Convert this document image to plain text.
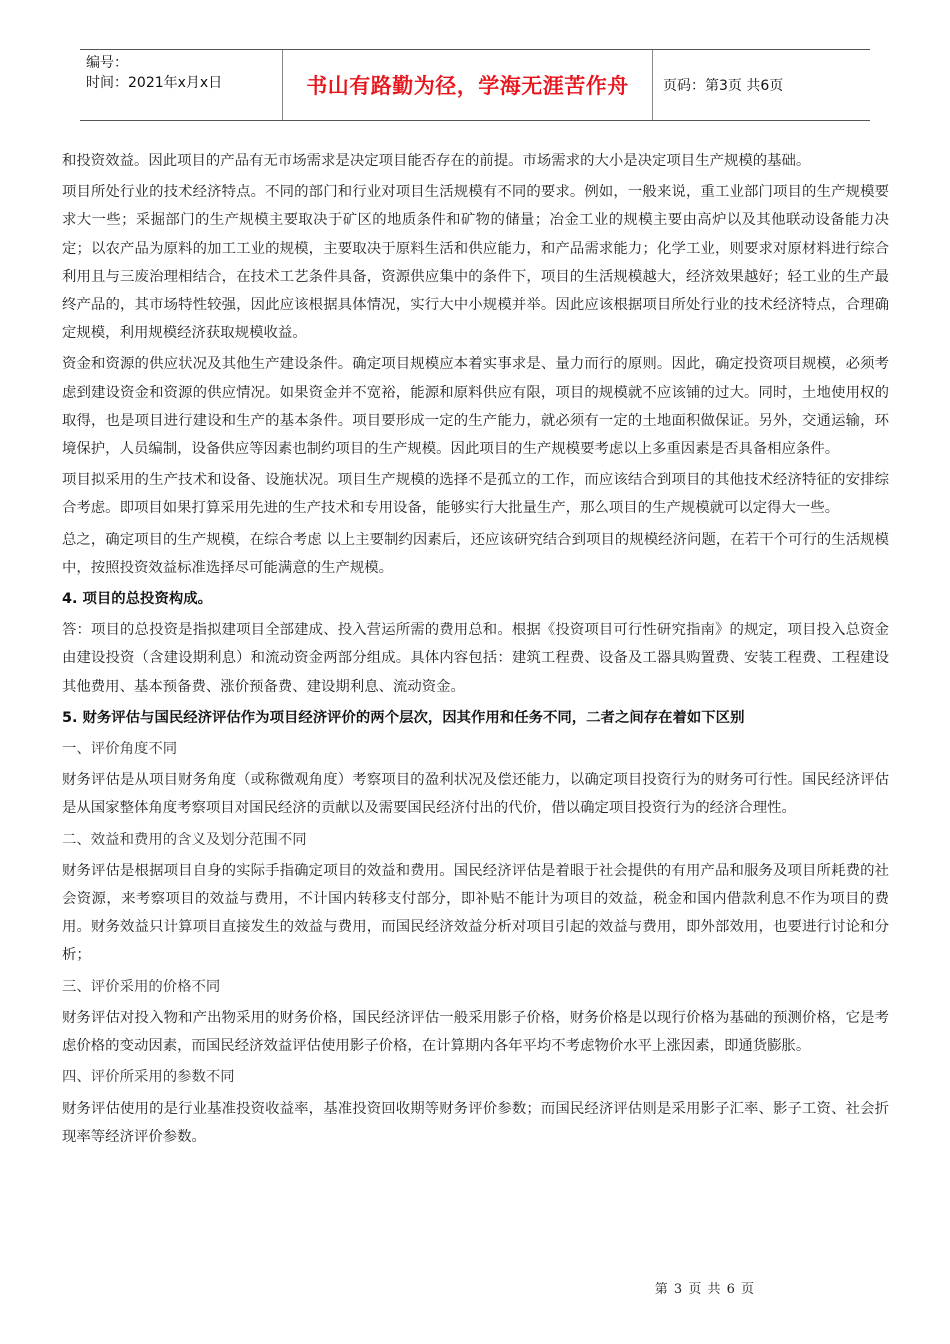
编号：
时间：2021年x月x日	书山有路勤为径，学海无涯苦作舟	页码：第3页 共6页

和投资效益。因此项目的产品有无市场需求是决定项目能否存在的前提。市场需求的大小是决定项目生产规模的基础。

项目所处行业的技术经济特点。不同的部门和行业对项目生活规模有不同的要求。例如，一般来说，重工业部门项目的生产规模要求大一些；采掘部门的生产规模主要取决于矿区的地质条件和矿物的储量；冶金工业的规模主要由高炉以及其他联动设备能力决定；以农产品为原料的加工工业的规模，主要取决于原料生活和供应能力，和产品需求能力；化学工业，则要求对原材料进行综合利用且与三废治理相结合，在技术工艺条件具备，资源供应集中的条件下，项目的生活规模越大，经济效果越好；轻工业的生产最终产品的，其市场特性较强，因此应该根据具体情况，实行大中小规模并举。因此应该根据项目所处行业的技术经济特点，合理确定规模，利用规模经济获取规模收益。

资金和资源的供应状况及其他生产建设条件。确定项目规模应本着实事求是、量力而行的原则。因此，确定投资项目规模，必须考虑到建设资金和资源的供应情况。如果资金并不宽裕，能源和原料供应有限，项目的规模就不应该铺的过大。同时，土地使用权的取得，也是项目进行建设和生产的基本条件。项目要形成一定的生产能力，就必须有一定的土地面积做保证。另外，交通运输，环境保护，人员编制，设备供应等因素也制约项目的生产规模。因此项目的生产规模要考虑以上多重因素是否具备相应条件。

项目拟采用的生产技术和设备、设施状况。项目生产规模的选择不是孤立的工作，而应该结合到项目的其他技术经济特征的安排综合考虑。即项目如果打算采用先进的生产技术和专用设备，能够实行大批量生产，那么项目的生产规模就可以定得大一些。

总之，确定项目的生产规模，在综合考虑 以上主要制约因素后，还应该研究结合到项目的规模经济问题，在若干个可行的生活规模中，按照投资效益标准选择尽可能满意的生产规模。

4. 项目的总投资构成。

答：项目的总投资是指拟建项目全部建成、投入营运所需的费用总和。根据《投资项目可行性研究指南》的规定，项目投入总资金由建设投资（含建设期利息）和流动资金两部分组成。具体内容包括：建筑工程费、设备及工器具购置费、安装工程费、工程建设其他费用、基本预备费、涨价预备费、建设期利息、流动资金。

5. 财务评估与国民经济评估作为项目经济评价的两个层次，因其作用和任务不同，二者之间存在着如下区别

一、评价角度不同

财务评估是从项目财务角度（或称微观角度）考察项目的盈利状况及偿还能力，以确定项目投资行为的财务可行性。国民经济评估是从国家整体角度考察项目对国民经济的贡献以及需要国民经济付出的代价，借以确定项目投资行为的经济合理性。

二、效益和费用的含义及划分范围不同

财务评估是根据项目自身的实际手指确定项目的效益和费用。国民经济评估是着眼于社会提供的有用产品和服务及项目所耗费的社会资源，来考察项目的效益与费用，不计国内转移支付部分，即补贴不能计为项目的效益，税金和国内借款利息不作为项目的费用。财务效益只计算项目直接发生的效益与费用，而国民经济效益分析对项目引起的效益与费用，即外部效用，也要进行讨论和分析；

三、评价采用的价格不同

财务评估对投入物和产出物采用的财务价格，国民经济评估一般采用影子价格，财务价格是以现行价格为基础的预测价格，它是考虑价格的变动因素，而国民经济效益评估使用影子价格，在计算期内各年平均不考虑物价水平上涨因素，即通货膨胀。

四、评价所采用的参数不同

财务评估使用的是行业基准投资收益率，基准投资回收期等财务评价参数；而国民经济评估则是采用影子汇率、影子工资、社会折现率等经济评价参数。

第 3 页 共 6 页
